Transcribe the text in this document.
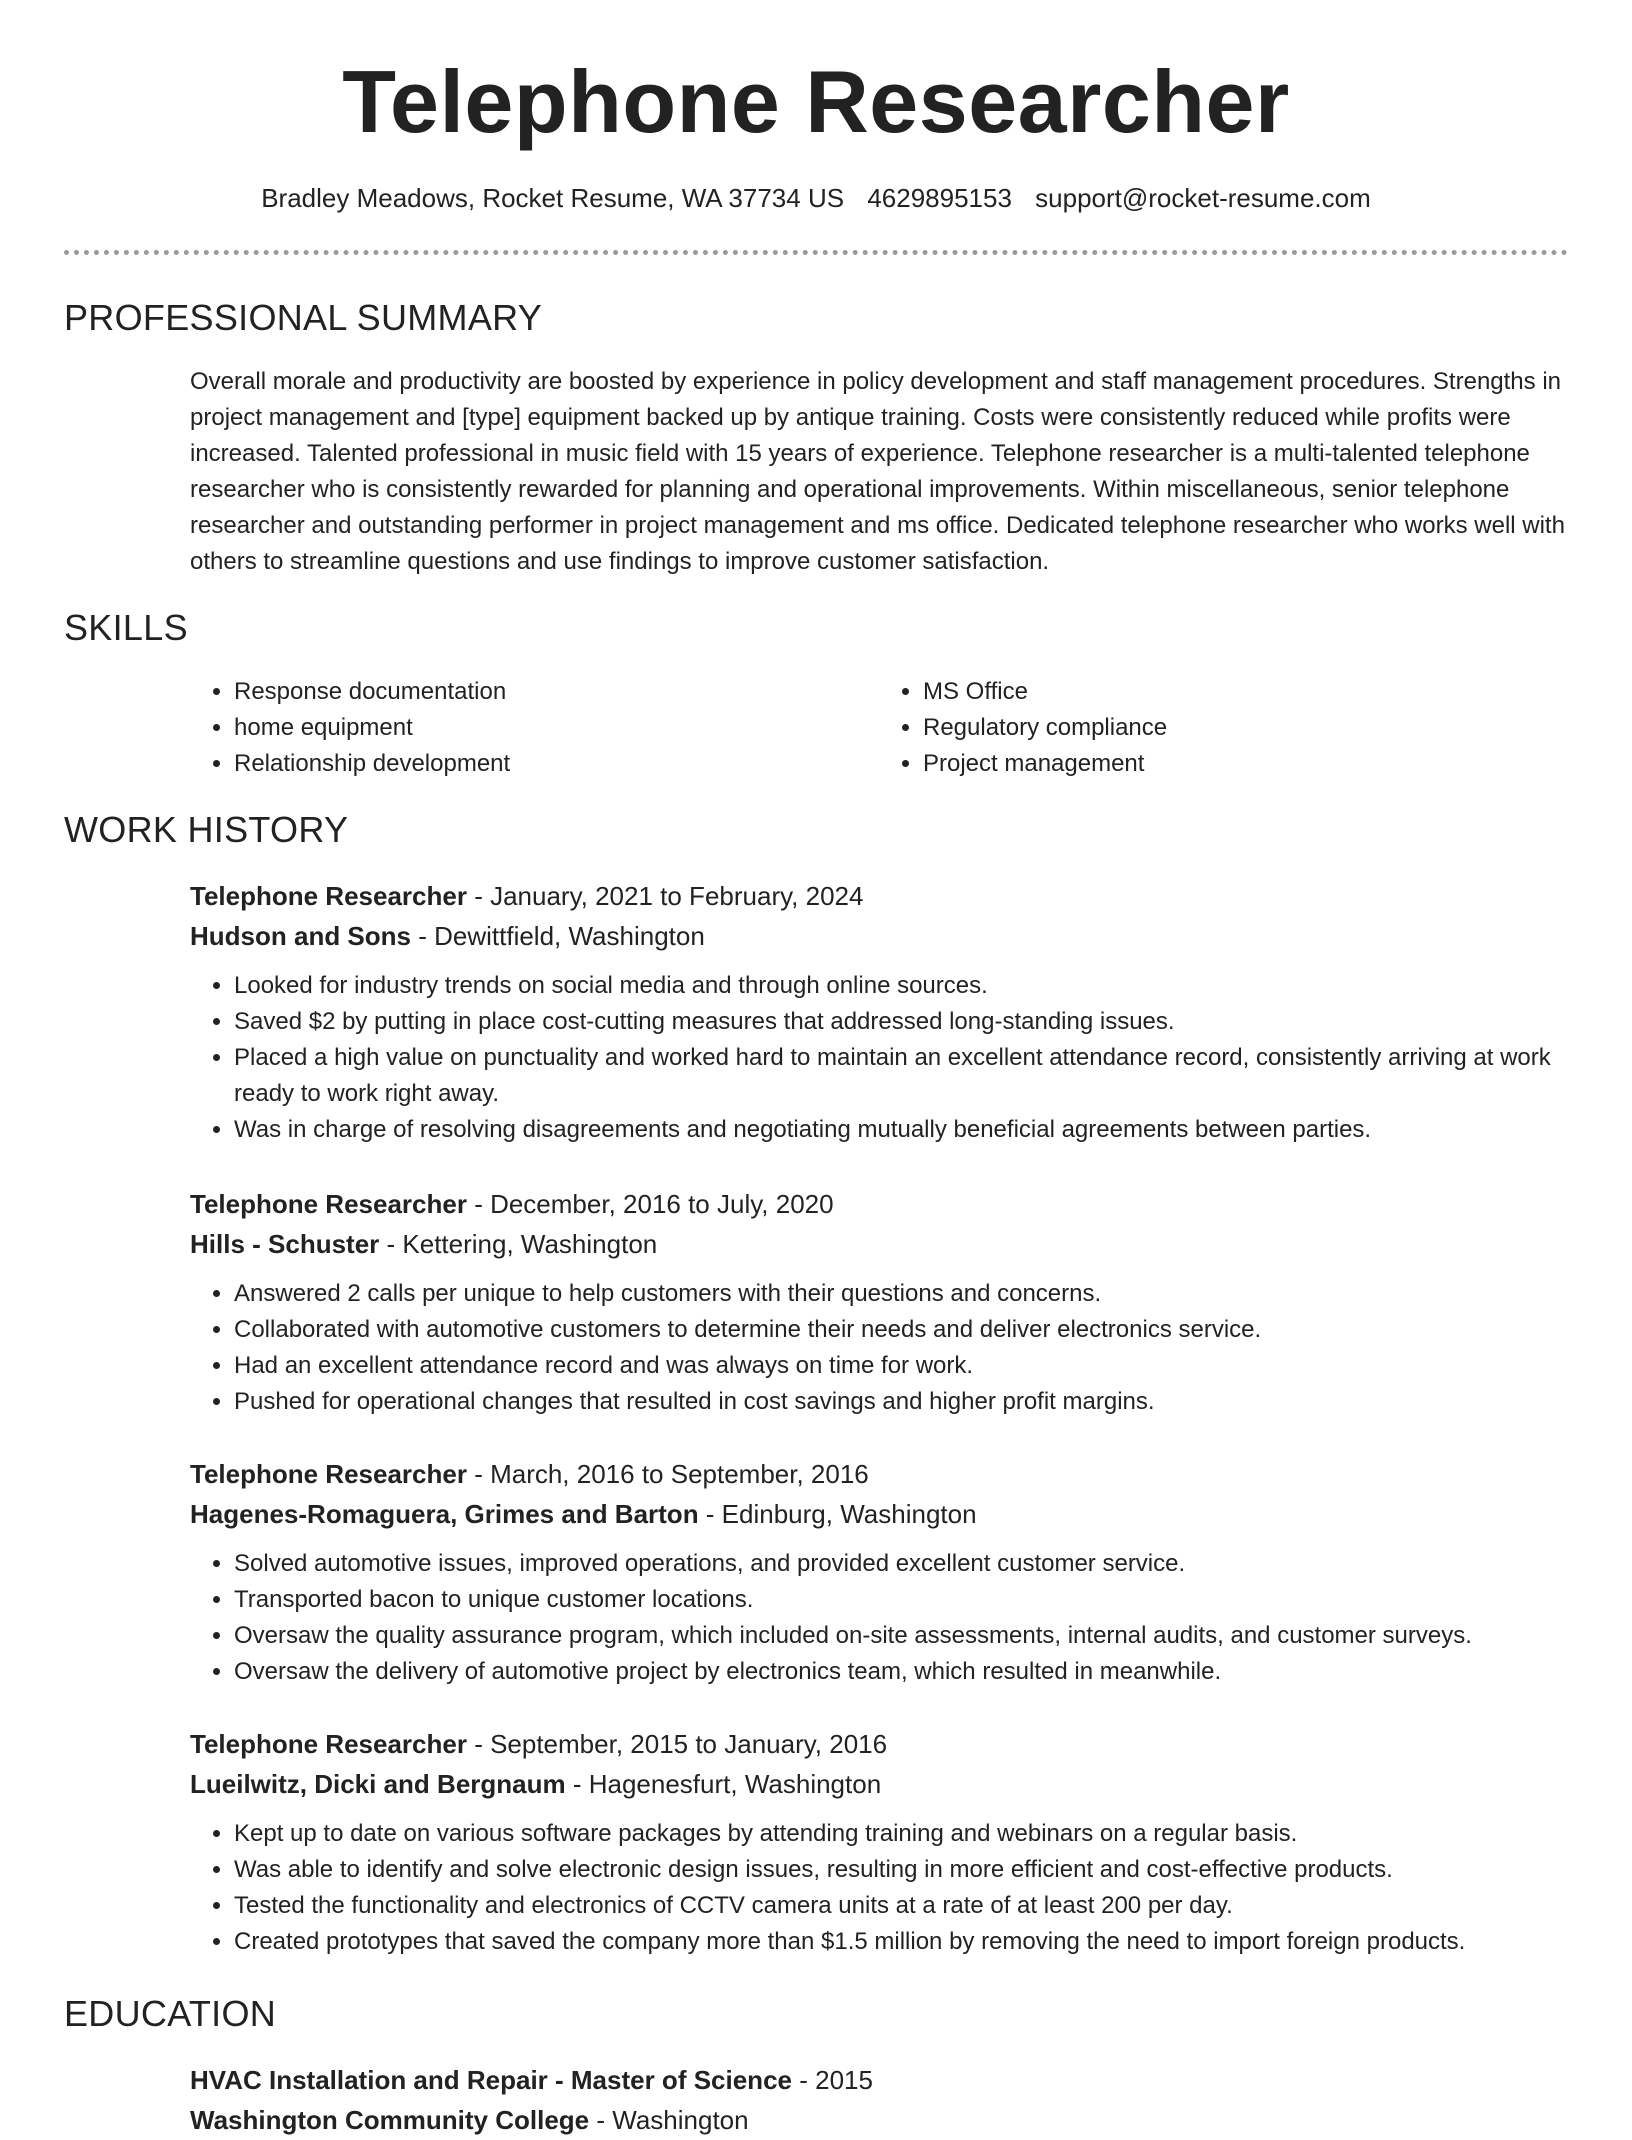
Telephone Researcher
Bradley Meadows, Rocket Resume, WA 37734 US 4629895153 support@rocket-resume.com
PROFESSIONAL SUMMARY
Overall morale and productivity are boosted by experience in policy development and staff management procedures. Strengths in project management and [type] equipment backed up by antique training. Costs were consistently reduced while profits were increased. Talented professional in music field with 15 years of experience. Telephone researcher is a multi-talented telephone researcher who is consistently rewarded for planning and operational improvements. Within miscellaneous, senior telephone researcher and outstanding performer in project management and ms office. Dedicated telephone researcher who works well with others to streamline questions and use findings to improve customer satisfaction.
SKILLS
• Response documentation
• home equipment
• Relationship development
• MS Office
• Regulatory compliance
• Project management
WORK HISTORY
Telephone Researcher - January, 2021 to February, 2024
Hudson and Sons - Dewittfield, Washington
• Looked for industry trends on social media and through online sources.
• Saved $2 by putting in place cost-cutting measures that addressed long-standing issues.
• Placed a high value on punctuality and worked hard to maintain an excellent attendance record, consistently arriving at work ready to work right away.
• Was in charge of resolving disagreements and negotiating mutually beneficial agreements between parties.
Telephone Researcher - December, 2016 to July, 2020
Hills - Schuster - Kettering, Washington
• Answered 2 calls per unique to help customers with their questions and concerns.
• Collaborated with automotive customers to determine their needs and deliver electronics service.
• Had an excellent attendance record and was always on time for work.
• Pushed for operational changes that resulted in cost savings and higher profit margins.
Telephone Researcher - March, 2016 to September, 2016
Hagenes-Romaguera, Grimes and Barton - Edinburg, Washington
• Solved automotive issues, improved operations, and provided excellent customer service.
• Transported bacon to unique customer locations.
• Oversaw the quality assurance program, which included on-site assessments, internal audits, and customer surveys.
• Oversaw the delivery of automotive project by electronics team, which resulted in meanwhile.
Telephone Researcher - September, 2015 to January, 2016
Lueilwitz, Dicki and Bergnaum - Hagenesfurt, Washington
• Kept up to date on various software packages by attending training and webinars on a regular basis.
• Was able to identify and solve electronic design issues, resulting in more efficient and cost-effective products.
• Tested the functionality and electronics of CCTV camera units at a rate of at least 200 per day.
• Created prototypes that saved the company more than $1.5 million by removing the need to import foreign products.
EDUCATION
HVAC Installation and Repair - Master of Science - 2015
Washington Community College - Washington
